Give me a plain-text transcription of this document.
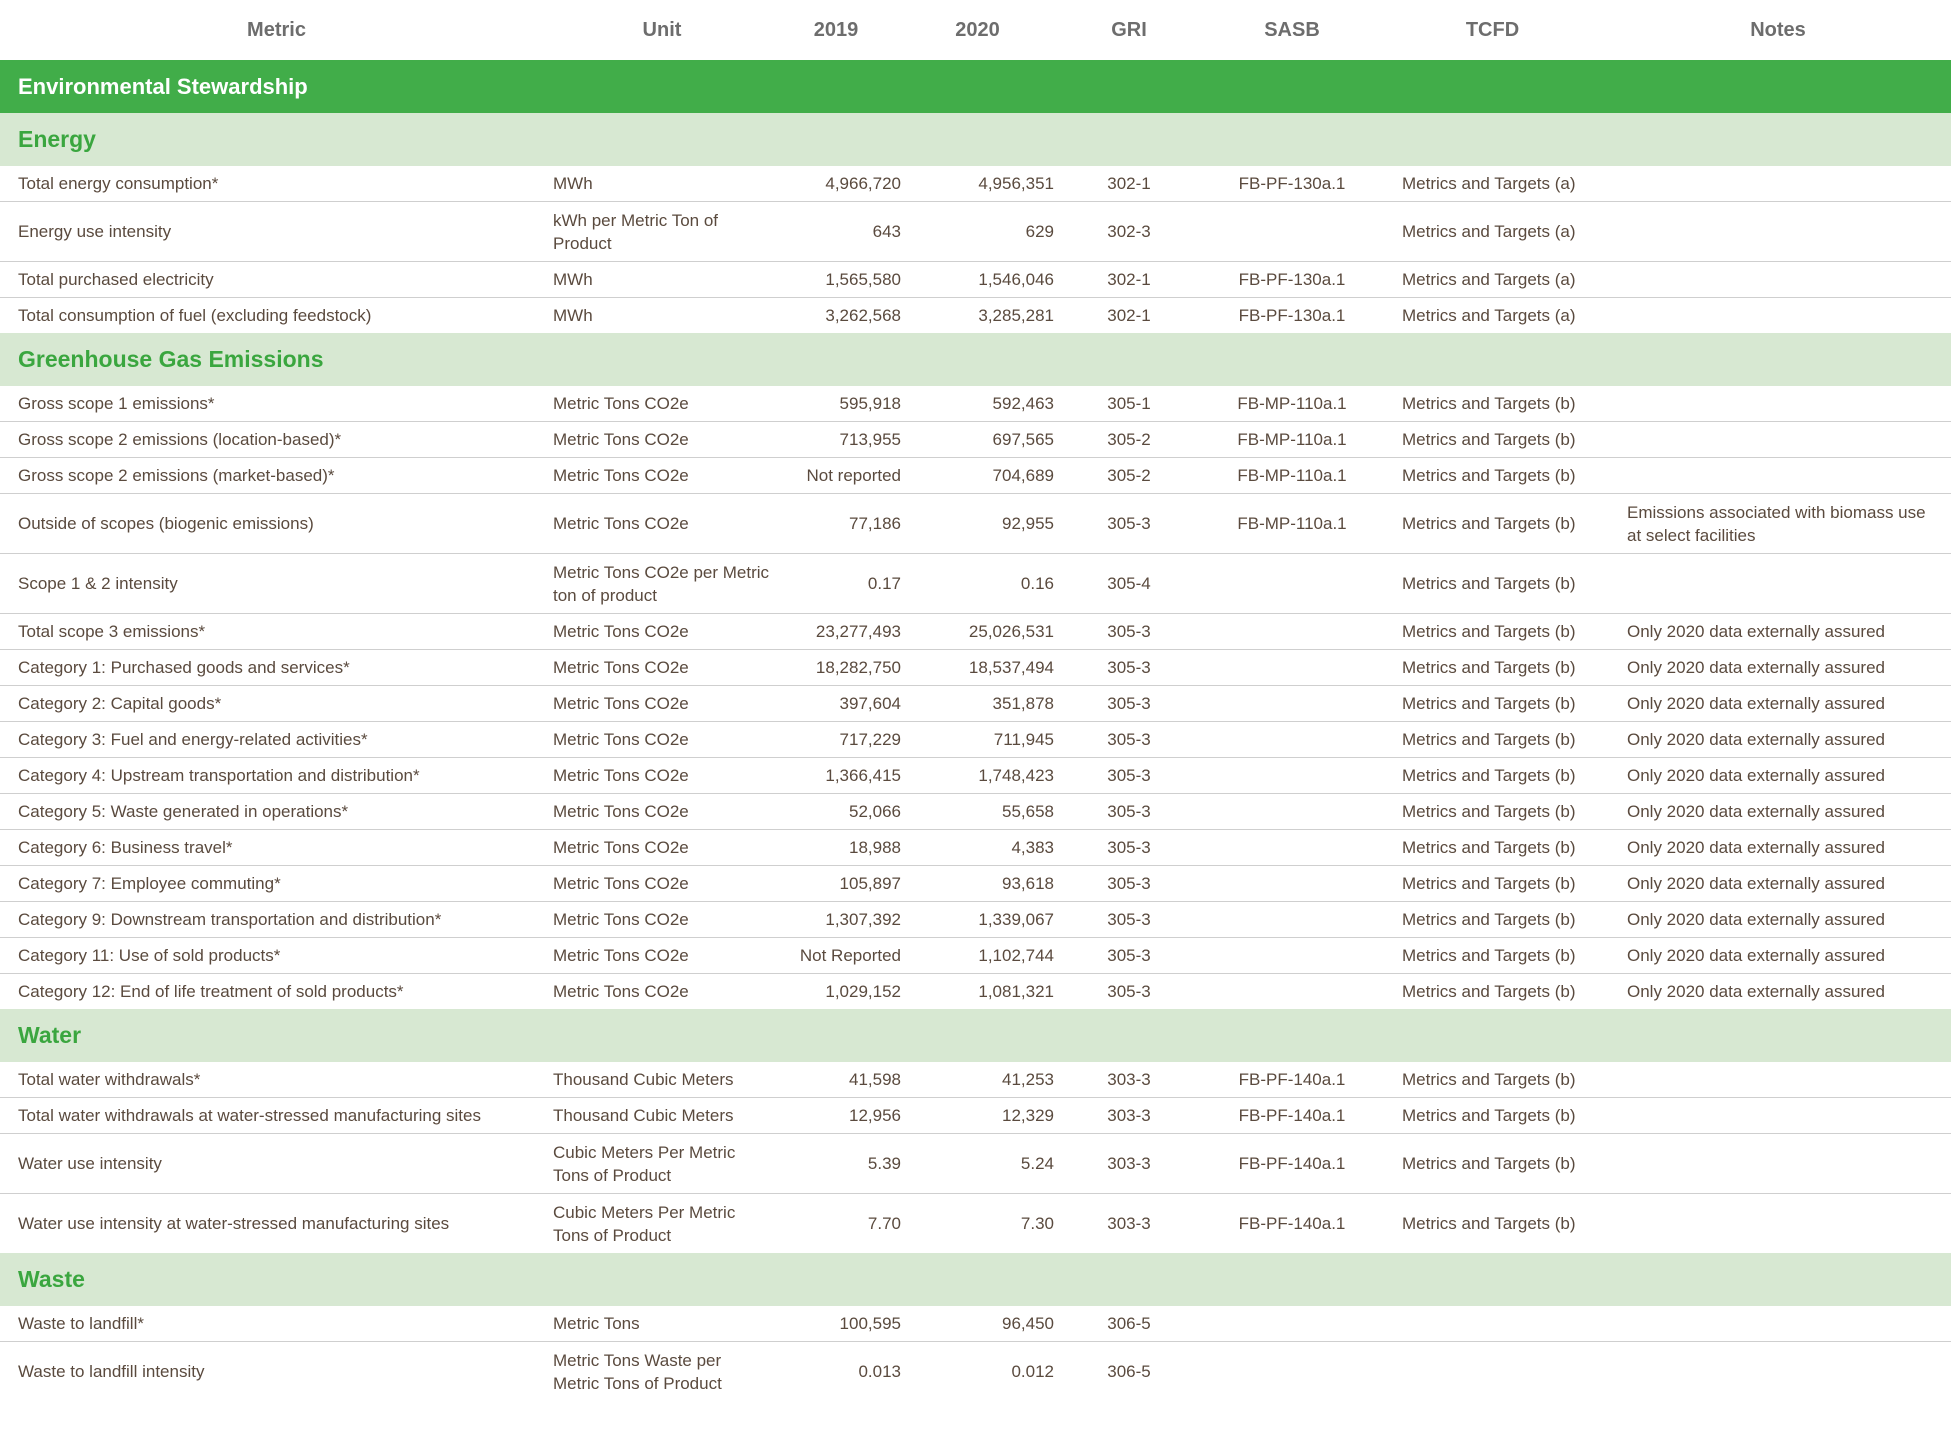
Metric	Unit	2019	2020	GRI	SASB	TCFD	Notes
Environmental Stewardship							
Energy							
Total energy consumption*	MWh	4,966,720	4,956,351	302-1	FB-PF-130a.1	Metrics and Targets (a)	
Energy use intensity	kWh per Metric Ton of Product	643	629	302-3		Metrics and Targets (a)	
Total purchased electricity	MWh	1,565,580	1,546,046	302-1	FB-PF-130a.1	Metrics and Targets (a)	
Total consumption of fuel (excluding feedstock)	MWh	3,262,568	3,285,281	302-1	FB-PF-130a.1	Metrics and Targets (a)	
Greenhouse Gas Emissions							
Gross scope 1 emissions*	Metric Tons CO2e	595,918	592,463	305-1	FB-MP-110a.1	Metrics and Targets (b)	
Gross scope 2 emissions (location-based)*	Metric Tons CO2e	713,955	697,565	305-2	FB-MP-110a.1	Metrics and Targets (b)	
Gross scope 2 emissions (market-based)*	Metric Tons CO2e	Not reported	704,689	305-2	FB-MP-110a.1	Metrics and Targets (b)	
Outside of scopes (biogenic emissions)	Metric Tons CO2e	77,186	92,955	305-3	FB-MP-110a.1	Metrics and Targets (b)	Emissions associated with biomass use at select facilities
Scope 1 & 2 intensity	Metric Tons CO2e per Metric ton of product	0.17	0.16	305-4		Metrics and Targets (b)	
Total scope 3 emissions*	Metric Tons CO2e	23,277,493	25,026,531	305-3		Metrics and Targets (b)	Only 2020 data externally assured
Category 1: Purchased goods and services*	Metric Tons CO2e	18,282,750	18,537,494	305-3		Metrics and Targets (b)	Only 2020 data externally assured
Category 2: Capital goods*	Metric Tons CO2e	397,604	351,878	305-3		Metrics and Targets (b)	Only 2020 data externally assured
Category 3: Fuel and energy-related activities*	Metric Tons CO2e	717,229	711,945	305-3		Metrics and Targets (b)	Only 2020 data externally assured
Category 4: Upstream transportation and distribution*	Metric Tons CO2e	1,366,415	1,748,423	305-3		Metrics and Targets (b)	Only 2020 data externally assured
Category 5: Waste generated in operations*	Metric Tons CO2e	52,066	55,658	305-3		Metrics and Targets (b)	Only 2020 data externally assured
Category 6: Business travel*	Metric Tons CO2e	18,988	4,383	305-3		Metrics and Targets (b)	Only 2020 data externally assured
Category 7: Employee commuting*	Metric Tons CO2e	105,897	93,618	305-3		Metrics and Targets (b)	Only 2020 data externally assured
Category 9: Downstream transportation and distribution*	Metric Tons CO2e	1,307,392	1,339,067	305-3		Metrics and Targets (b)	Only 2020 data externally assured
Category 11: Use of sold products*	Metric Tons CO2e	Not Reported	1,102,744	305-3		Metrics and Targets (b)	Only 2020 data externally assured
Category 12: End of life treatment of sold products*	Metric Tons CO2e	1,029,152	1,081,321	305-3		Metrics and Targets (b)	Only 2020 data externally assured
Water							
Total water withdrawals*	Thousand Cubic Meters	41,598	41,253	303-3	FB-PF-140a.1	Metrics and Targets (b)	
Total water withdrawals at water-stressed manufacturing sites	Thousand Cubic Meters	12,956	12,329	303-3	FB-PF-140a.1	Metrics and Targets (b)	
Water use intensity	Cubic Meters Per Metric Tons of Product	5.39	5.24	303-3	FB-PF-140a.1	Metrics and Targets (b)	
Water use intensity at water-stressed manufacturing sites	Cubic Meters Per Metric Tons of Product	7.70	7.30	303-3	FB-PF-140a.1	Metrics and Targets (b)	
Waste							
Waste to landfill*	Metric Tons	100,595	96,450	306-5			
Waste to landfill intensity	Metric Tons Waste per Metric Tons of Product	0.013	0.012	306-5			
